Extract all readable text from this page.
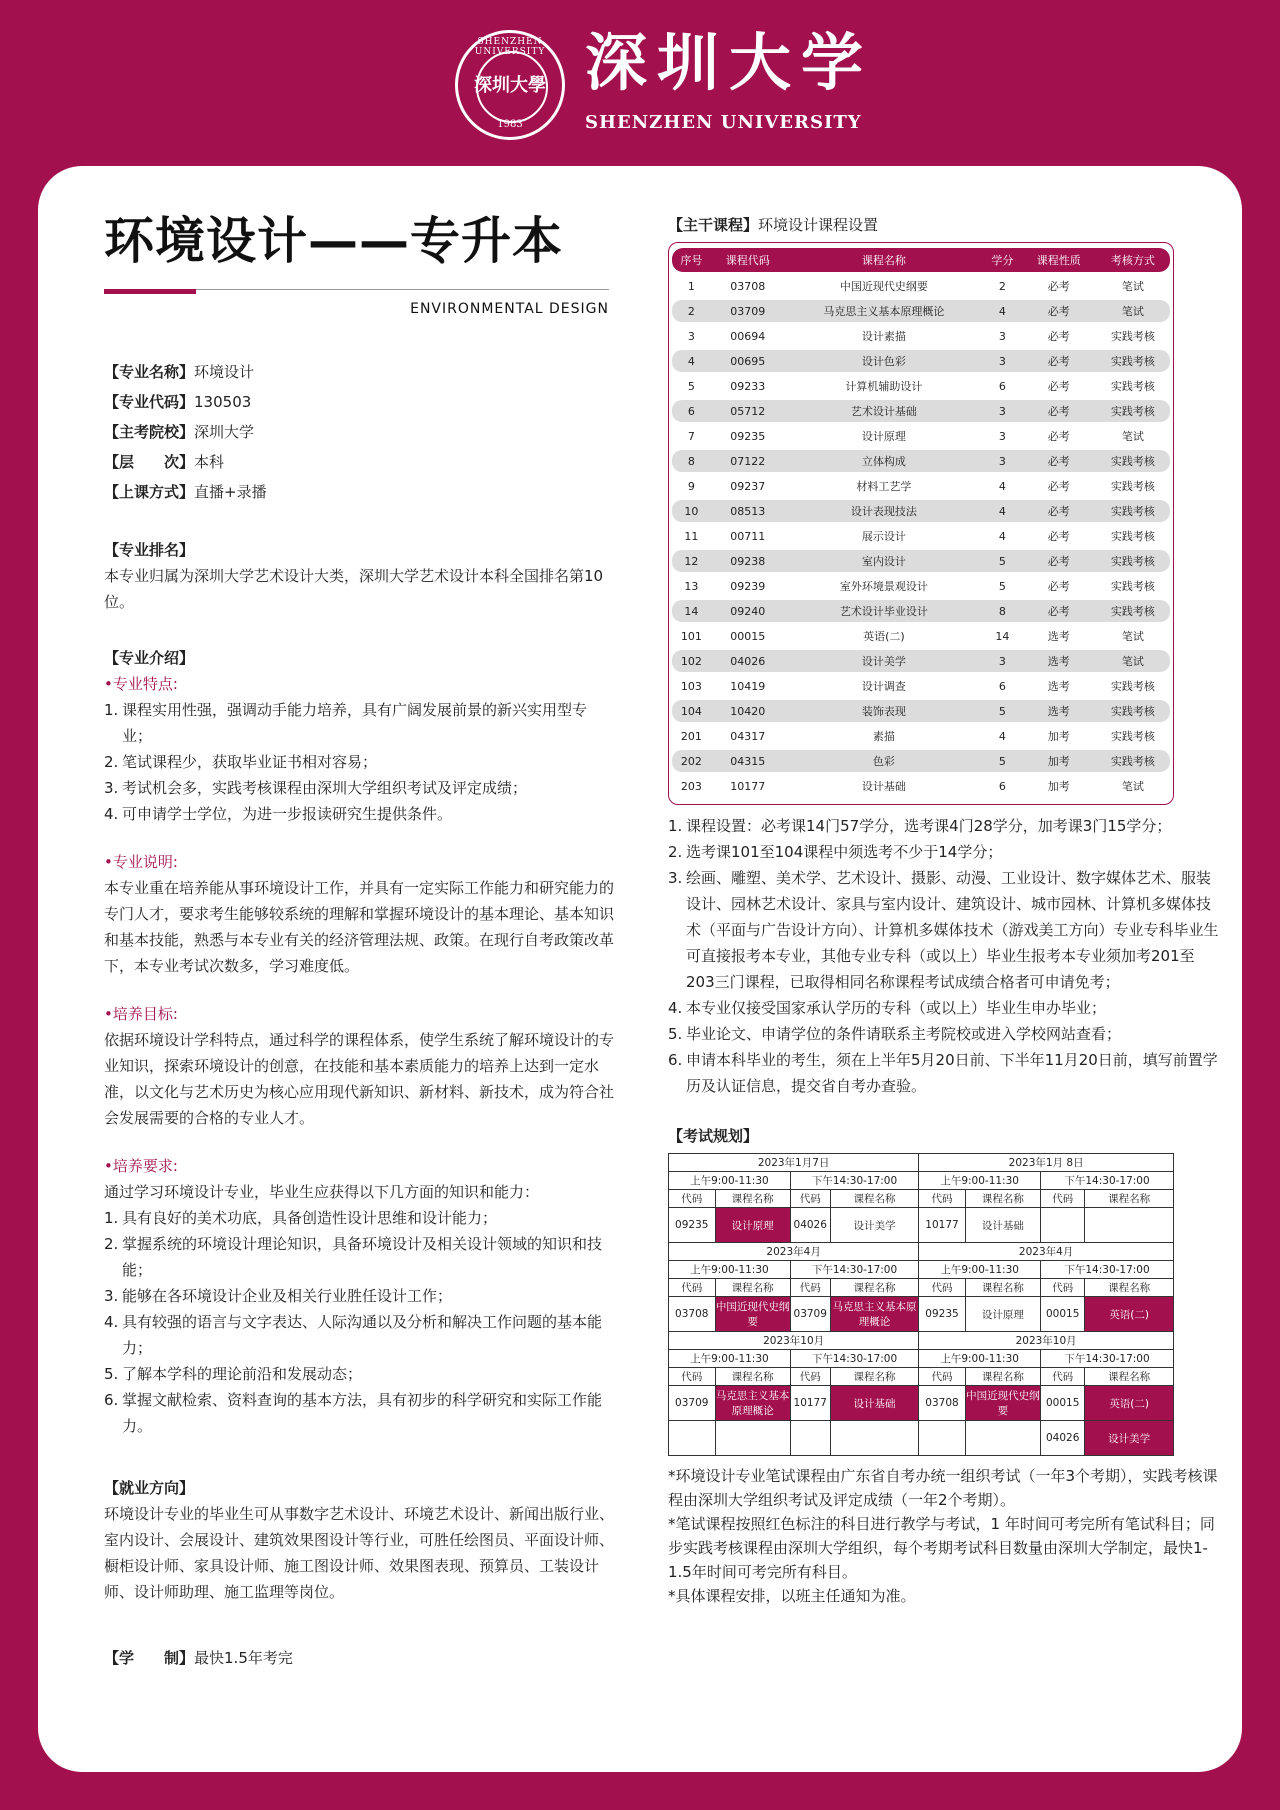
SHENZHEN UNIVERSITY
深圳大學
1983
深圳大学
SHENZHEN UNIVERSITY
环境设计——专升本
ENVIRONMENTAL DESIGN
【专业名称】环境设计
【专业代码】130503
【主考院校】深圳大学
【层　　次】本科
【上课方式】直播+录播
【专业排名】
本专业归属为深圳大学艺术设计大类，深圳大学艺术设计本科全国排名第10位。
【专业介绍】
•专业特点:
1. 课程实用性强，强调动手能力培养，具有广阔发展前景的新兴实用型专业；
2. 笔试课程少，获取毕业证书相对容易；
3. 考试机会多，实践考核课程由深圳大学组织考试及评定成绩；
4. 可申请学士学位，为进一步报读研究生提供条件。
•专业说明:
本专业重在培养能从事环境设计工作，并具有一定实际工作能力和研究能力的专门人才，要求考生能够较系统的理解和掌握环境设计的基本理论、基本知识和基本技能，熟悉与本专业有关的经济管理法规、政策。在现行自考政策改革下，本专业考试次数多，学习难度低。
•培养目标:
依据环境设计学科特点，通过科学的课程体系，使学生系统了解环境设计的专业知识，探索环境设计的创意，在技能和基本素质能力的培养上达到一定水准，以文化与艺术历史为核心应用现代新知识、新材料、新技术，成为符合社会发展需要的合格的专业人才。
•培养要求:
通过学习环境设计专业，毕业生应获得以下几方面的知识和能力：
1. 具有良好的美术功底，具备创造性设计思维和设计能力；
2. 掌握系统的环境设计理论知识，具备环境设计及相关设计领域的知识和技能；
3. 能够在各环境设计企业及相关行业胜任设计工作；
4. 具有较强的语言与文字表达、人际沟通以及分析和解决工作问题的基本能力；
5. 了解本学科的理论前沿和发展动态；
6. 掌握文献检索、资料查询的基本方法，具有初步的科学研究和实际工作能力。
【就业方向】
环境设计专业的毕业生可从事数字艺术设计、环境艺术设计、新闻出版行业、室内设计、会展设计、建筑效果图设计等行业，可胜任绘图员、平面设计师、橱柜设计师、家具设计师、施工图设计师、效果图表现、预算员、工装设计师、设计师助理、施工监理等岗位。
【学　　制】最快1.5年考完
【主干课程】环境设计课程设置
序号	课程代码	课程名称	学分	课程性质	考核方式
1	03708	中国近现代史纲要	2	必考	笔试
2	03709	马克思主义基本原理概论	4	必考	笔试
3	00694	设计素描	3	必考	实践考核
4	00695	设计色彩	3	必考	实践考核
5	09233	计算机辅助设计	6	必考	实践考核
6	05712	艺术设计基础	3	必考	实践考核
7	09235	设计原理	3	必考	笔试
8	07122	立体构成	3	必考	实践考核
9	09237	材料工艺学	4	必考	实践考核
10	08513	设计表现技法	4	必考	实践考核
11	00711	展示设计	4	必考	实践考核
12	09238	室内设计	5	必考	实践考核
13	09239	室外环境景观设计	5	必考	实践考核
14	09240	艺术设计毕业设计	8	必考	实践考核
101	00015	英语(二)	14	选考	笔试
102	04026	设计美学	3	选考	笔试
103	10419	设计调查	6	选考	实践考核
104	10420	装饰表现	5	选考	实践考核
201	04317	素描	4	加考	实践考核
202	04315	色彩	5	加考	实践考核
203	10177	设计基础	6	加考	笔试
1. 课程设置：必考课14门57学分，选考课4门28学分，加考课3门15学分；
2. 选考课101至104课程中须选考不少于14学分；
3. 绘画、雕塑、美术学、艺术设计、摄影、动漫、工业设计、数字媒体艺术、服装设计、园林艺术设计、家具与室内设计、建筑设计、城市园林、计算机多媒体技术（平面与广告设计方向）、计算机多媒体技术（游戏美工方向）专业专科毕业生可直接报考本专业，其他专业专科（或以上）毕业生报考本专业须加考201至203三门课程，已取得相同名称课程考试成绩合格者可申请免考；
4. 本专业仅接受国家承认学历的专科（或以上）毕业生申办毕业；
5. 毕业论文、申请学位的条件请联系主考院校或进入学校网站查看；
6. 申请本科毕业的考生，须在上半年5月20日前、下半年11月20日前，填写前置学历及认证信息，提交省自考办查验。
【考试规划】
2023年1月7日				2023年1月 8日			
上午9:00-11:30		下午14:30-17:00		上午9:00-11:30		下午14:30-17:00	
代码	课程名称	代码	课程名称	代码	课程名称	代码	课程名称
09235	设计原理	04026	设计美学	10177	设计基础		
2023年4月				2023年4月			
上午9:00-11:30		下午14:30-17:00		上午9:00-11:30		下午14:30-17:00	
代码	课程名称	代码	课程名称	代码	课程名称	代码	课程名称
03708	中国近现代史纲要	03709	马克思主义基本原理概论	09235	设计原理	00015	英语(二)
2023年10月				2023年10月			
上午9:00-11:30		下午14:30-17:00		上午9:00-11:30		下午14:30-17:00	
代码	课程名称	代码	课程名称	代码	课程名称	代码	课程名称
03709	马克思主义基本原理概论	10177	设计基础	03708	中国近现代史纲要	00015	英语(二)
						04026	设计美学
*环境设计专业笔试课程由广东省自考办统一组织考试（一年3个考期），实践考核课程由深圳大学组织考试及评定成绩（一年2个考期）。
*笔试课程按照红色标注的科目进行教学与考试，1 年时间可考完所有笔试科目；同步实践考核课程由深圳大学组织，每个考期考试科目数量由深圳大学制定，最快1-1.5年时间可考完所有科目。
*具体课程安排，以班主任通知为准。
